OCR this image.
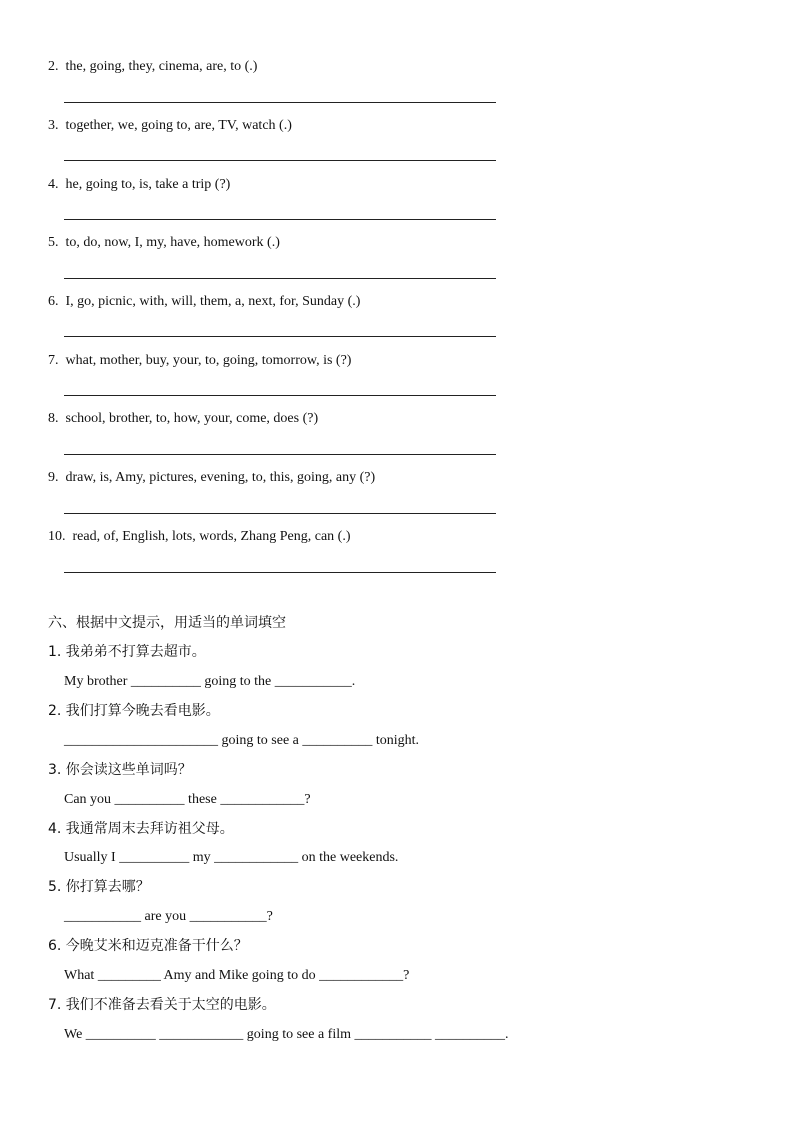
2.  the, going, they, cinema, are, to (.)
3.  together, we, going to, are, TV, watch (.)
4.  he, going to, is, take a trip (?)
5.  to, do, now, I, my, have, homework (.)
6.  I, go, picnic, with, will, them, a, next, for, Sunday (.)
7.  what, mother, buy, your, to, going, tomorrow, is (?)
8.  school, brother, to, how, your, come, does (?)
9.  draw, is, Amy, pictures, evening, to, this, going, any (?)
10.  read, of, English, lots, words, Zhang Peng, can (.)
六、根据中文提示，用适当的单词填空
1. 我弟弟不打算去超市。
My brother __________ going to the ___________.
2. 我们打算今晚去看电影。
______________________ going to see a __________ tonight.
3. 你会读这些单词吗？
Can you __________ these ____________?
4. 我通常周末去拜访祖父母。
Usually I __________ my ____________ on the weekends.
5. 你打算去哪？
___________ are you ___________?
6. 今晚艾米和迈克准备干什么？
What _________ Amy and Mike going to do ____________?
7. 我们不准备去看关于太空的电影。
We __________ ____________ going to see a film ___________ __________.
